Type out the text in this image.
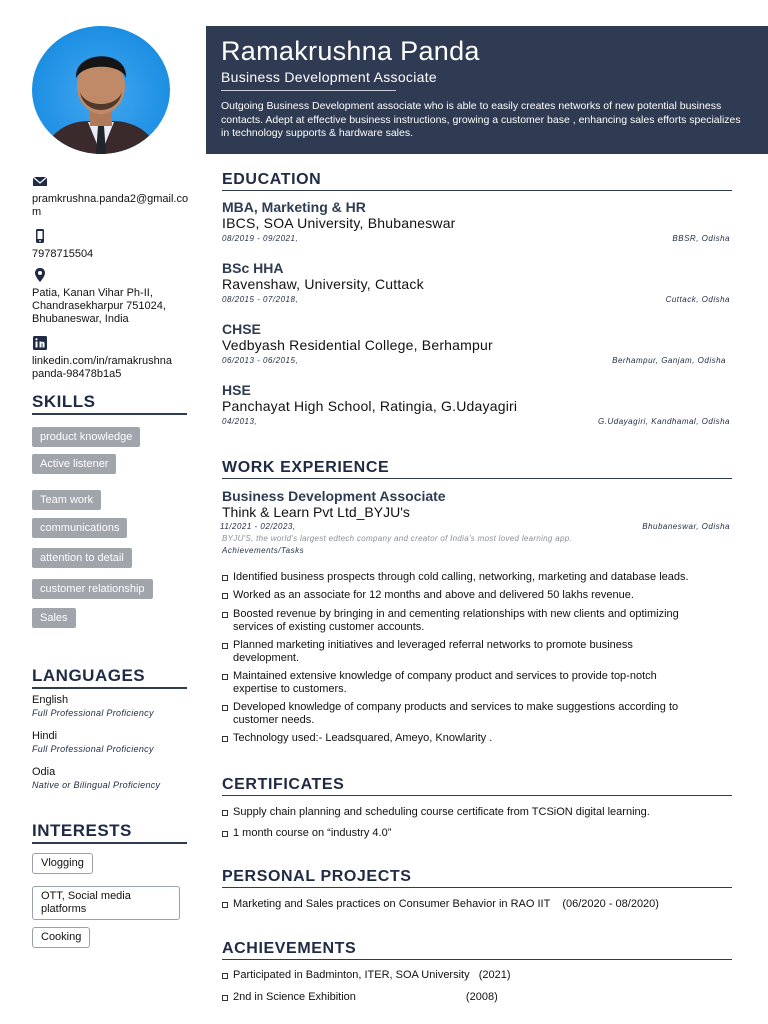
pramkrushna.panda2@gmail.com
7978715504
Patia, Kanan Vihar Ph-II, Chandrasekharpur 751024, Bhubaneswar, India
linkedin.com/in/ramakrushna panda-98478b1a5
SKILLS
product knowledge
Active listener
Team work
communications
attention to detail
customer relationship
Sales
LANGUAGES
English
Full Professional Proficiency
Hindi
Full Professional Proficiency
Odia
Native or Bilingual Proficiency
INTERESTS
Vlogging
OTT, Social media platforms
Cooking
Ramakrushna Panda
Business Development Associate
Outgoing Business Development associate who is able to easily creates networks of new potential business contacts. Adept at effective business instructions, growing a customer base , enhancing sales efforts specializes in technology supports & hardware sales.
EDUCATION
MBA, Marketing & HR
IBCS, SOA University, Bhubaneswar
08/2019 - 09/2021,	BBSR, Odisha
BSc HHA
Ravenshaw, University, Cuttack
08/2015 - 07/2018,	Cuttack, Odisha
CHSE
Vedbyash Residential College, Berhampur
06/2013 - 06/2015,	Berhampur, Ganjam, Odisha
HSE
Panchayat High School, Ratingia, G.Udayagiri
04/2013,	G.Udayagiri, Kandhamal, Odisha
WORK EXPERIENCE
Business Development Associate
Think & Learn Pvt Ltd_BYJU's
11/2021 - 02/2023,	Bhubaneswar, Odisha
BYJU'S, the world's largest edtech company and creator of India's most loved learning app.
Achievements/Tasks
Identified business prospects through cold calling, networking, marketing and database leads.
Worked as an associate for 12 months and above and delivered 50 lakhs revenue.
Boosted revenue by bringing in and cementing relationships with new clients and optimizing services of existing customer accounts.
Planned marketing initiatives and leveraged referral networks to promote business development.
Maintained extensive knowledge of company product and services to provide top-notch expertise to customers.
Developed knowledge of company products and services to make suggestions according to customer needs.
Technology used:- Leadsquared, Ameyo, Knowlarity .
CERTIFICATES
Supply chain planning and scheduling course certificate from TCSiON digital learning.
1 month course on “industry 4.0”
PERSONAL PROJECTS
Marketing and Sales practices on Consumer Behavior in RAO IIT    (06/2020 - 08/2020)
ACHIEVEMENTS
Participated in Badminton, ITER, SOA University   (2021)
2nd in Science Exhibition                                    (2008)
